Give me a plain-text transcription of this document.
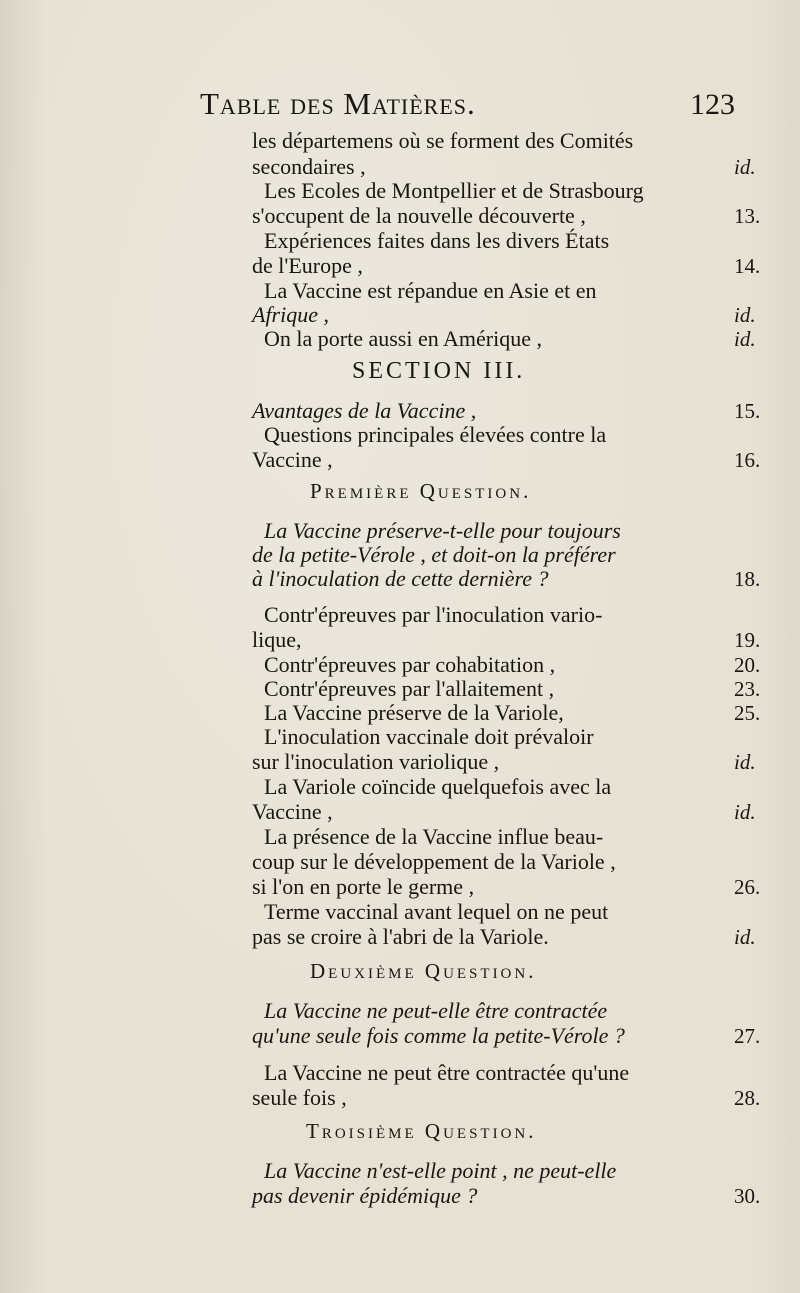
Table des Matières.	123
les départemens où se forment des Comités
secondaires ,	id.
Les Ecoles de Montpellier et de Strasbourg
s'occupent de la nouvelle découverte ,	13.
Expériences faites dans les divers États
de l'Europe ,	14.
La Vaccine est répandue en Asie et en
Afrique ,	id.
On la porte aussi en Amérique ,	id.
SECTION III.
Avantages de la Vaccine ,	15.
Questions principales élevées contre la
Vaccine ,	16.
Première Question.
La Vaccine préserve-t-elle pour toujours
de la petite-Vérole , et doit-on la préférer
à l'inoculation de cette dernière ?	18.
Contr'épreuves par l'inoculation vario-
lique,	19.
Contr'épreuves par cohabitation ,	20.
Contr'épreuves par l'allaitement ,	23.
La Vaccine préserve de la Variole,	25.
L'inoculation vaccinale doit prévaloir
sur l'inoculation variolique ,	id.
La Variole coïncide quelquefois avec la
Vaccine ,	id.
La présence de la Vaccine influe beau-
coup sur le développement de la Variole ,
si l'on en porte le germe ,	26.
Terme vaccinal avant lequel on ne peut
pas se croire à l'abri de la Variole.	id.
Deuxième Question.
La Vaccine ne peut-elle être contractée
qu'une seule fois comme la petite-Vérole ?	27.
La Vaccine ne peut être contractée qu'une
seule fois ,	28.
Troisième Question.
La Vaccine n'est-elle point , ne peut-elle
pas devenir épidémique ?	30.
